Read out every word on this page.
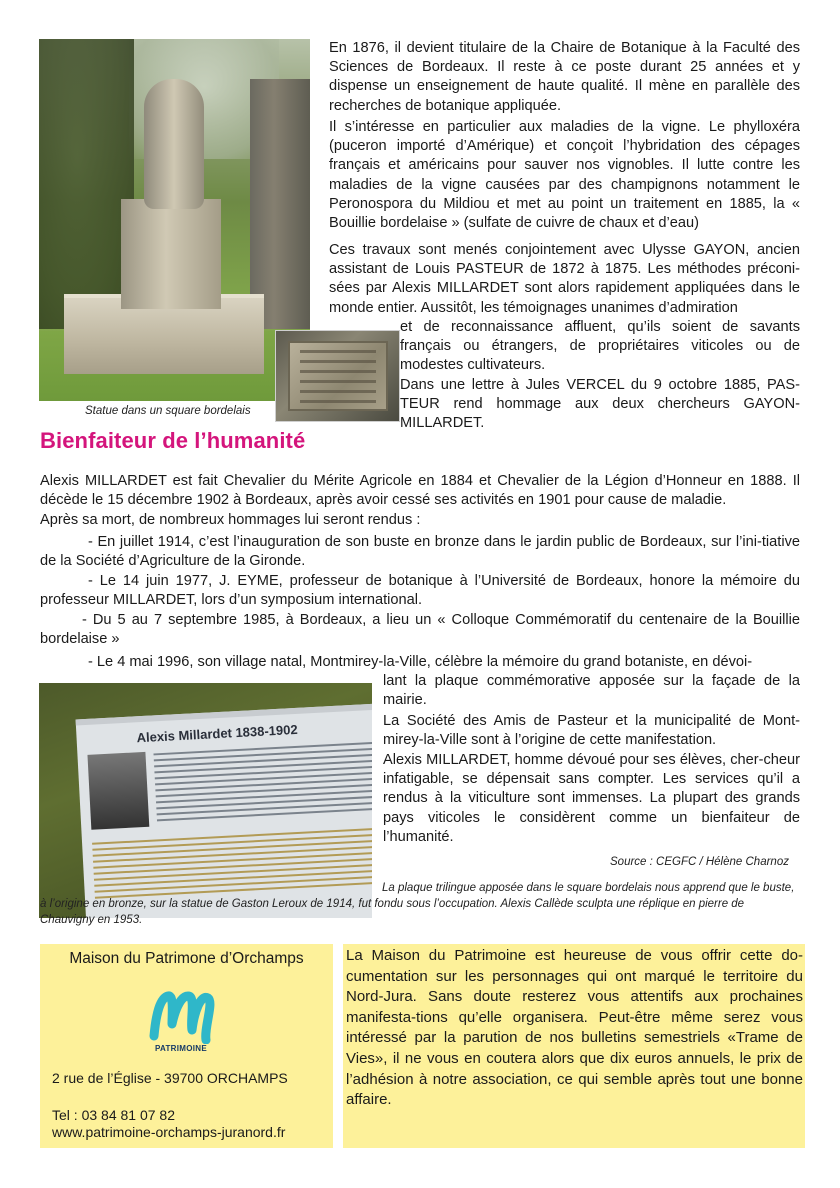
Statue dans un square bordelais
En 1876, il devient titulaire de la Chaire de Botanique à la Faculté des Sciences de Bordeaux. Il reste à ce poste durant 25 années et y dispense un enseignement de haute qualité. Il mène en parallèle des recherches de botanique appliquée.
Il s’intéresse en particulier aux maladies de la vigne. Le phylloxéra (puceron importé d’Amérique) et conçoit l’hybridation des cépages français et américains pour sauver nos vignobles. Il lutte contre les maladies de la vigne causées par des champignons notamment le Peronospora du Mildiou et met au point un traitement en 1885, la « Bouillie bordelaise » (sulfate de cuivre de chaux et d’eau)
Ces travaux sont menés conjointement avec Ulysse GAYON, ancien assistant de Louis PASTEUR de 1872 à 1875. Les méthodes préconi-sées par Alexis MILLARDET sont alors rapidement appliquées dans le monde entier. Aussitôt, les témoignages unanimes d’admiration
et de reconnaissance affluent, qu’ils soient de savants français ou étrangers, de propriétaires viticoles ou de modestes cultivateurs.
Dans une lettre à Jules VERCEL du 9 octobre 1885, PAS-TEUR rend hommage aux deux chercheurs GAYON-MILLARDET.
Bienfaiteur de l’humanité
Alexis MILLARDET est fait Chevalier du Mérite Agricole en 1884 et Chevalier de la Légion d’Honneur en 1888. Il décède le 15 décembre 1902 à Bordeaux, après avoir cessé ses activités en 1901 pour cause de maladie.
Après sa mort, de nombreux hommages lui seront rendus :
- En juillet 1914, c’est l’inauguration de son buste en bronze dans le jardin public de Bordeaux, sur l’ini-tiative de la Société d’Agriculture de la Gironde.
- Le 14 juin 1977, J. EYME, professeur de botanique à l’Université de Bordeaux, honore la mémoire du professeur MILLARDET, lors d’un symposium international.
- Du 5 au 7 septembre 1985, à Bordeaux, a lieu un « Colloque Commémoratif du centenaire de la Bouillie bordelaise »
- Le 4 mai 1996, son village natal, Montmirey-la-Ville, célèbre la mémoire du grand botaniste, en dévoi-
lant la plaque commémorative apposée sur la façade de la mairie.
La Société des Amis de Pasteur et la municipalité de Mont-mirey-la-Ville sont à l’origine de cette manifestation.
Alexis MILLARDET, homme dévoué pour ses élèves, cher-cheur infatigable, se dépensait sans compter. Les services qu’il a rendus à la viticulture sont immenses. La plupart des grands pays viticoles le considèrent comme un bienfaiteur de l’humanité.
Alexis Millardet 1838-1902
Source : CEGFC / Hélène Charnoz
La plaque trilingue apposée dans le square bordelais nous apprend que le buste, à l’origine en bronze, sur la statue de Gaston Leroux de 1914, fut fondu sous l’occupation. Alexis Callède sculpta une réplique en pierre de Chauvigny en 1953.
Maison du Patrimone d’Orchamps
PATRIMOINE
2 rue de l’Église - 39700 ORCHAMPS
Tel : 03 84 81 07 82
www.patrimoine-orchamps-juranord.fr
La Maison du Patrimoine est heureuse de vous offrir cette do-cumentation sur les personnages qui ont marqué le territoire du Nord-Jura. Sans doute resterez vous attentifs aux prochaines manifesta-tions qu’elle organisera. Peut-être même serez vous intéressé par la parution de nos bulletins semestriels «Trame de Vies», il ne vous en coutera alors que dix euros annuels, le prix de l’adhésion à notre association, ce qui semble après tout une bonne affaire.
